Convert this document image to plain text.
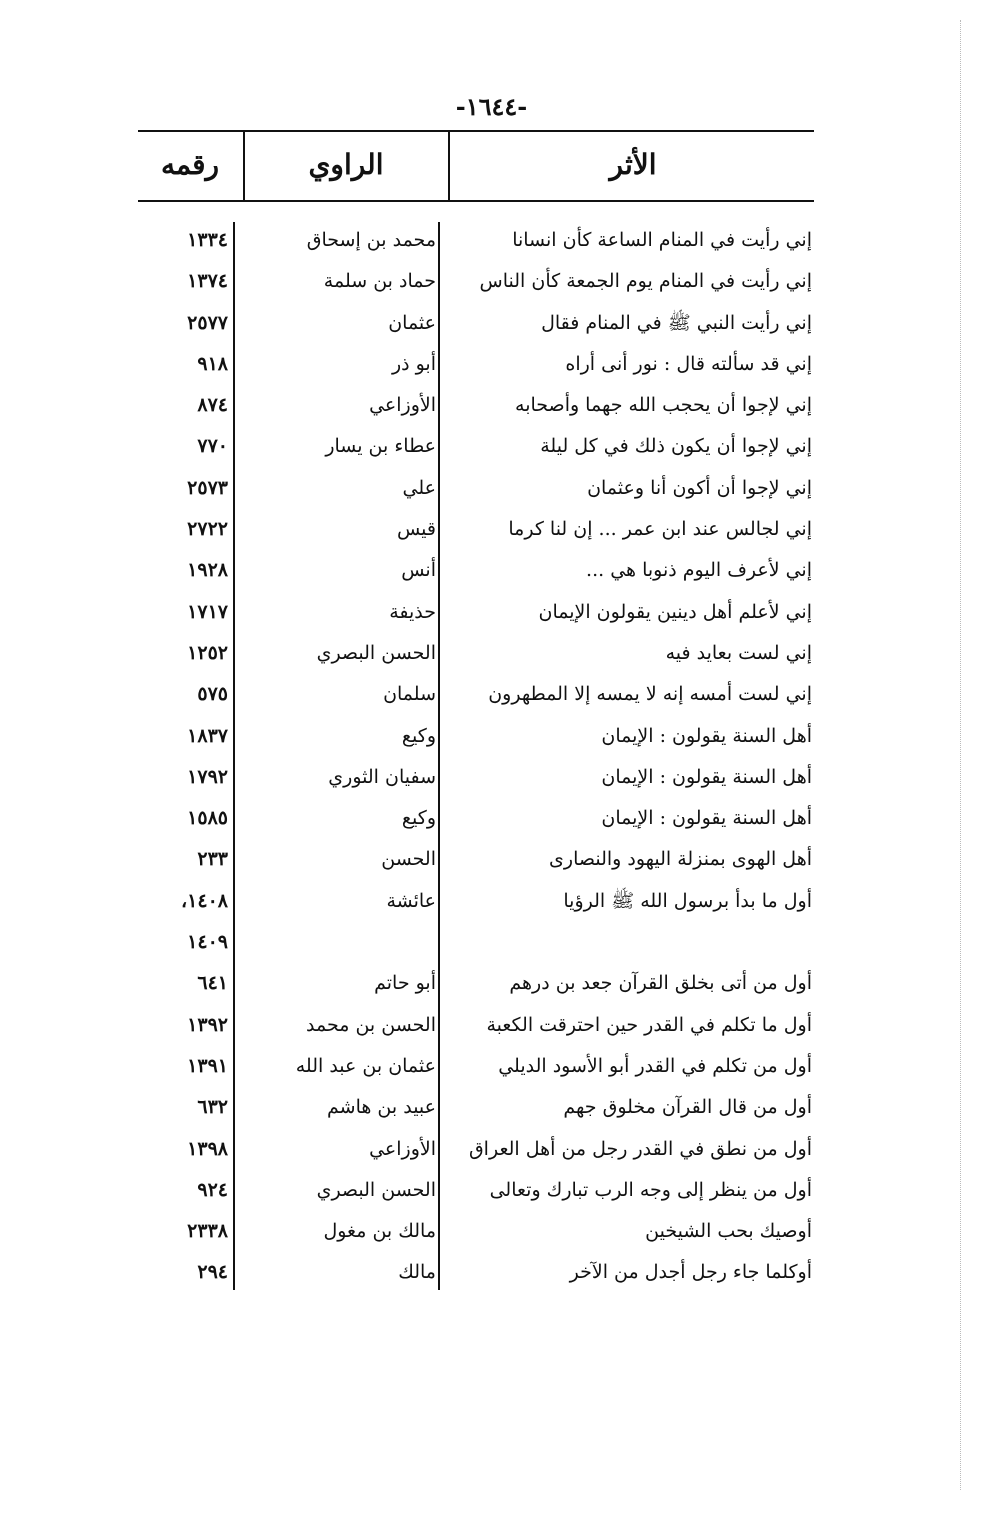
-١٦٤٤-
الأثر
الراوي
رقمه
إني رأيت في المنام الساعة كأن انسانا
محمد بن إسحاق
١٣٣٤
إني رأيت في المنام يوم الجمعة كأن الناس
حماد بن سلمة
١٣٧٤
إني رأيت النبي ﷺ في المنام فقال
عثمان
٢٥٧٧
إني قد سألته قال : نور أنى أراه
أبو ذر
٩١٨
إني لإجوا أن يحجب الله جهما وأصحابه
الأوزاعي
٨٧٤
إني لإجوا أن يكون ذلك في كل ليلة
عطاء بن يسار
٧٧٠
إني لإجوا أن أكون أنا وعثمان
علي
٢٥٧٣
إني لجالس عند ابن عمر ... إن لنا كرما
قيس
٢٧٢٢
إني لأعرف اليوم ذنوبا هي ...
أنس
١٩٢٨
إني لأعلم أهل دينين يقولون الإيمان
حذيفة
١٧١٧
إني لست بعايد فيه
الحسن البصري
١٢٥٢
إني لست أمسه إنه لا يمسه إلا المطهرون
سلمان
٥٧٥
أهل السنة يقولون : الإيمان
وكيع
١٨٣٧
أهل السنة يقولون : الإيمان
سفيان الثوري
١٧٩٢
أهل السنة يقولون : الإيمان
وكيع
١٥٨٥
أهل الهوى بمنزلة اليهود والنصارى
الحسن
٢٣٣
أول ما بدأ برسول الله ﷺ الرؤيا
عائشة
١٤٠٨،
١٤٠٩
أول من أتى بخلق القرآن جعد بن درهم
أبو حاتم
٦٤١
أول ما تكلم في القدر حين احترقت الكعبة
الحسن بن محمد
١٣٩٢
أول من تكلم في القدر أبو الأسود الديلي
عثمان بن عبد الله
١٣٩١
أول من قال القرآن مخلوق جهم
عبيد بن هاشم
٦٣٢
أول من نطق في القدر رجل من أهل العراق
الأوزاعي
١٣٩٨
أول من ينظر إلى وجه الرب تبارك وتعالى
الحسن البصري
٩٢٤
أوصيك بحب الشيخين
مالك بن مغول
٢٣٣٨
أوكلما جاء رجل أجدل من الآخر
مالك
٢٩٤
